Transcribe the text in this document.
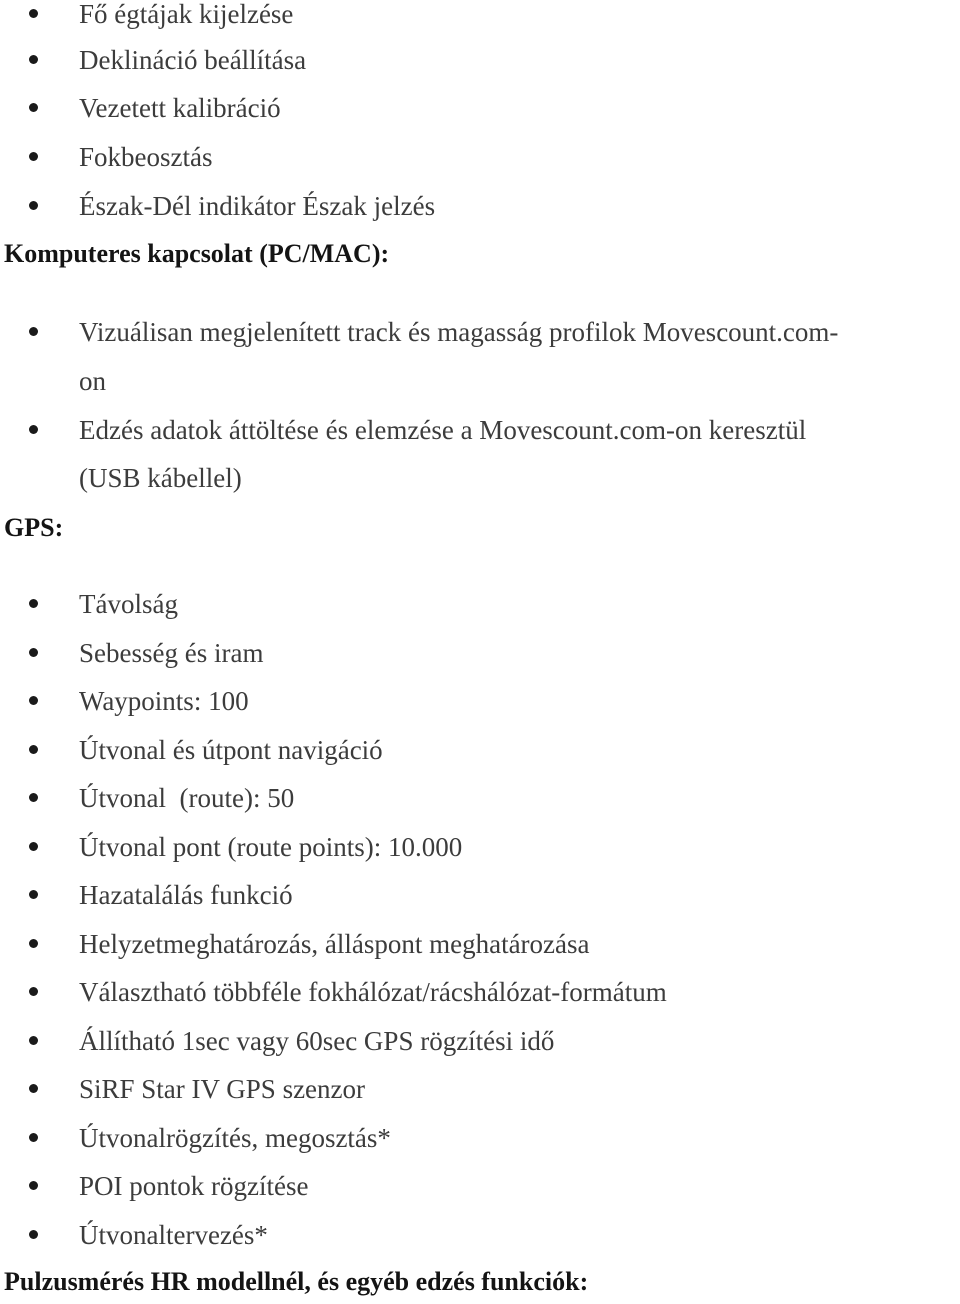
Fő égtájak kijelzése
Deklináció beállítása
Vezetett kalibráció
Fokbeosztás
Észak-Dél indikátor Észak jelzés
Komputeres kapcsolat (PC/MAC):
Vizuálisan megjelenített track és magasság profilok Movescount.com-
on
Edzés adatok áttöltése és elemzése a Movescount.com-on keresztül
(USB kábellel)
GPS:
Távolság
Sebesség és iram
Waypoints: 100
Útvonal és útpont navigáció
Útvonal  (route): 50
Útvonal pont (route points): 10.000
Hazatalálás funkció
Helyzetmeghatározás, álláspont meghatározása
Választható többféle fokhálózat/rácshálózat-formátum
Állítható 1sec vagy 60sec GPS rögzítési idő
SiRF Star IV GPS szenzor
Útvonalrögzítés, megosztás*
POI pontok rögzítése
Útvonaltervezés*
Pulzusmérés HR modellnél, és egyéb edzés funkciók:
